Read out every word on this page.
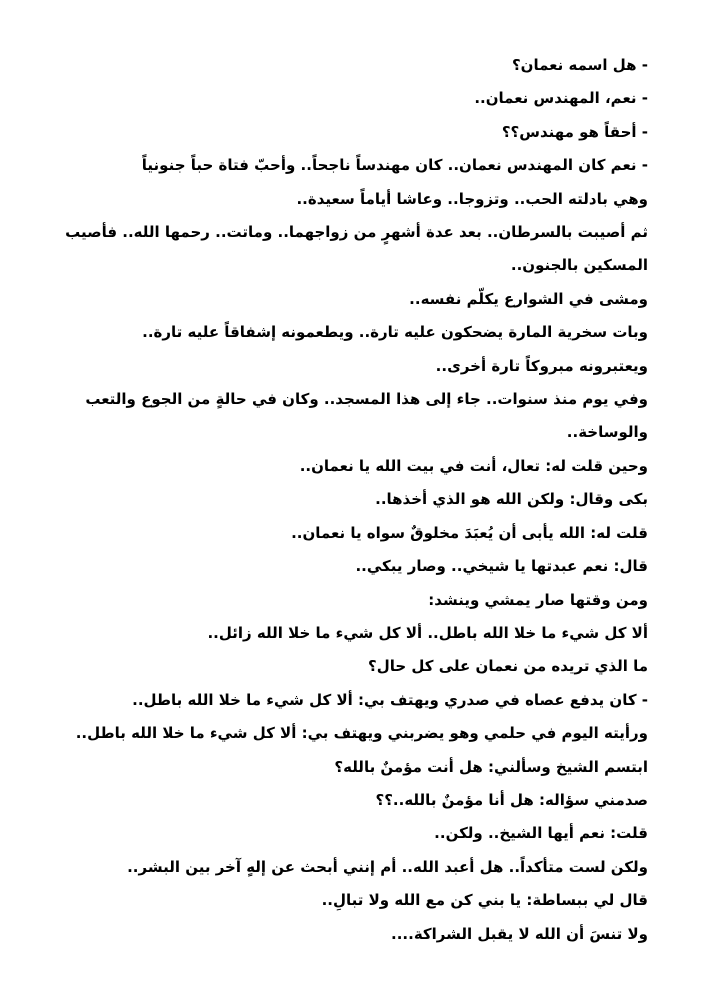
- هل اسمه نعمان؟

- نعم، المهندس نعمان..

- أحقاً هو مهندس؟؟

- نعم كان المهندس نعمان.. كان مهندساً ناجحاً.. وأحبّ فتاة حباً جنونياً

وهي بادلته الحب.. وتزوجا.. وعاشا أياماً سعيدة..

ثم أصيبت بالسرطان.. بعد عدة أشهرٍ من زواجهما.. وماتت.. رحمها الله.. فأصيب المسكين بالجنون..

ومشى في الشوارع يكلّم نفسه..

وبات سخرية المارة يضحكون عليه تارة.. ويطعمونه إشفاقاً عليه تارة..

ويعتبرونه مبروكاً تارة أخرى..

وفي يوم منذ سنوات.. جاء إلى هذا المسجد.. وكان في حالةٍ من الجوع والتعب والوساخة..

وحين قلت له: تعال، أنت في بيت الله يا نعمان..

بكى وقال: ولكن الله هو الذي أخذها..

قلت له: الله يأبى أن يُعبَدَ مخلوقٌ سواه يا نعمان..

قال: نعم عبدتها يا شيخي.. وصار يبكي..

ومن وقتها صار يمشي وينشد:

ألا كل شيء ما خلا الله باطل.. ألا كل شيء ما خلا الله زائل..

ما الذي تريده من نعمان على كل حال؟

- كان يدفع عصاه في صدري ويهتف بي: ألا كل شيء ما خلا الله باطل..

ورأيته اليوم في حلمي وهو يضربني ويهتف بي: ألا كل شيء ما خلا الله باطل..

ابتسم الشيخ وسألني: هل أنت مؤمنٌ بالله؟

صدمني سؤاله: هل أنا مؤمنٌ بالله..؟؟

قلت: نعم أيها الشيخ.. ولكن..

ولكن لست متأكداً.. هل أعبد الله.. أم إنني أبحث عن إلهٍ آخر بين البشر..

قال لي ببساطة: يا بني كن مع الله ولا تبالِ..

ولا تنسَ أن الله لا يقبل الشراكة....
